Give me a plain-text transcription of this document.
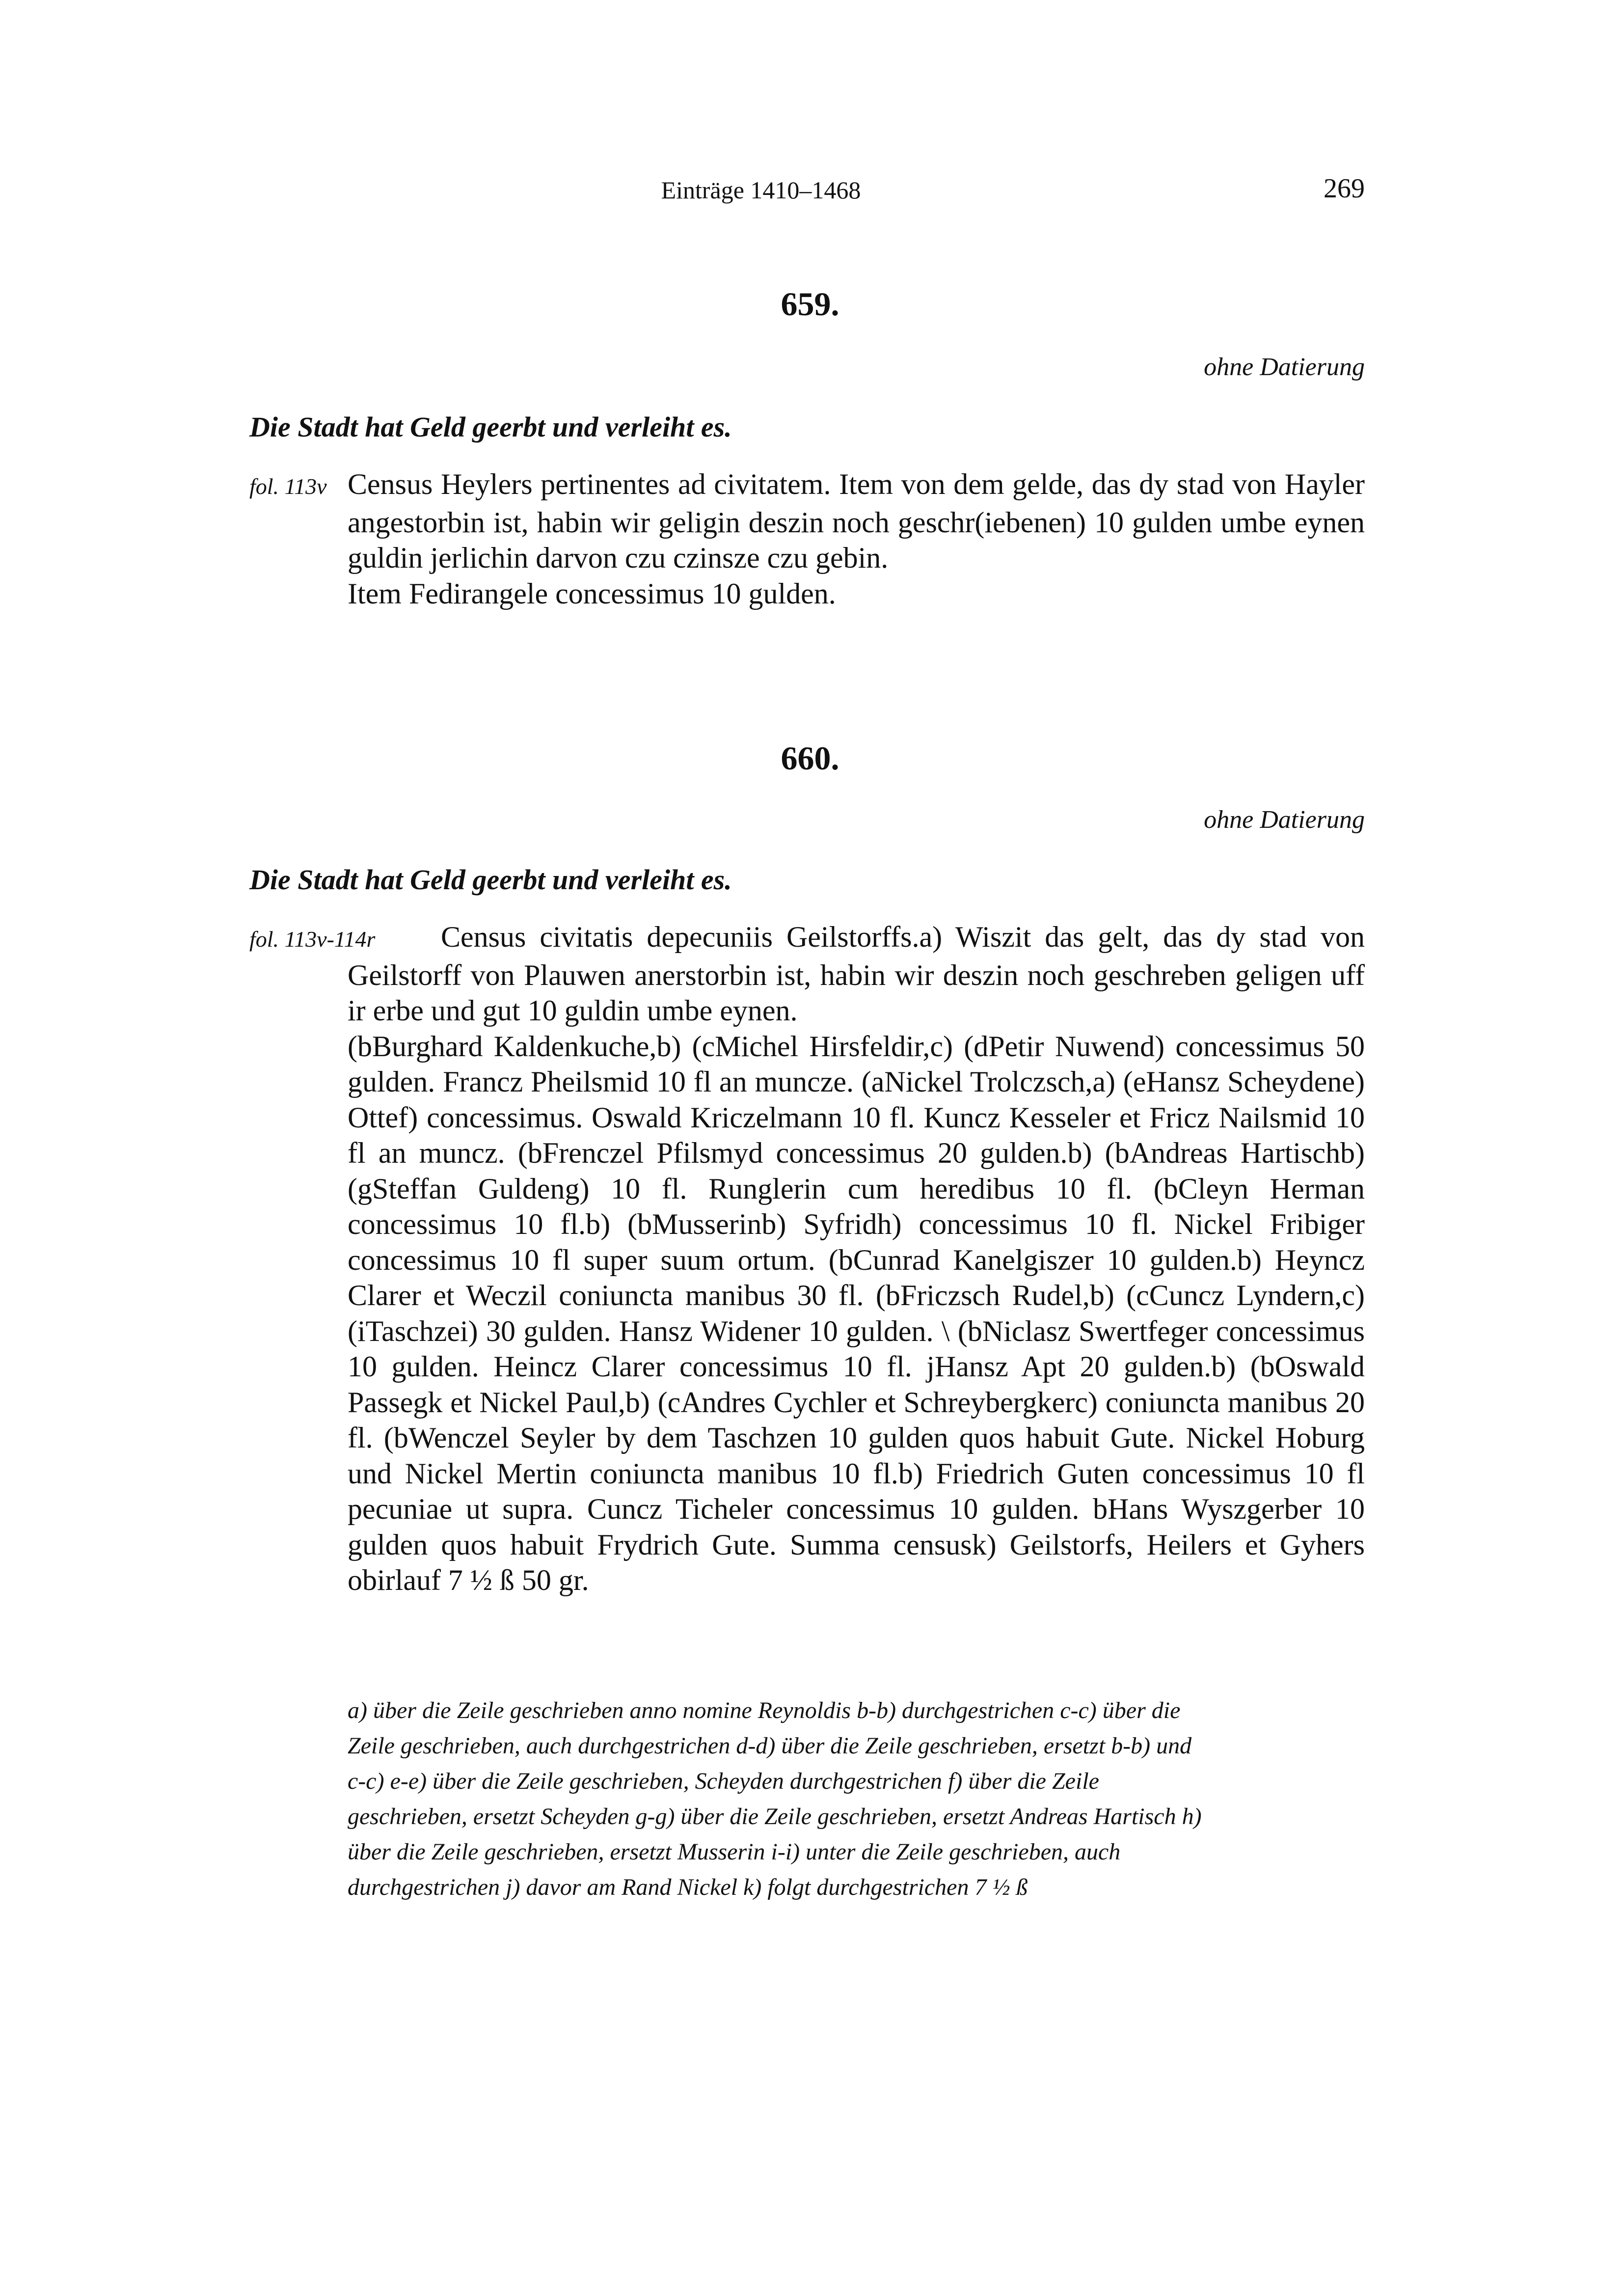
Einträge 1410–1468	269
659.
ohne Datierung
Die Stadt hat Geld geerbt und verleiht es.
fol. 113v Census Heylers pertinentes ad civitatem. Item von dem gelde, das dy stad von Hayler angestorbin ist, habin wir geligin deszin noch geschr(iebenen) 10 gulden umbe eynen guldin jerlichin darvon czu czinsze czu gebin.
Item Fedirangele concessimus 10 gulden.
660.
ohne Datierung
Die Stadt hat Geld geerbt und verleiht es.
fol. 113v-114r Census civitatis depecuniis Geilstorffs.a) Wiszit das gelt, das dy stad von Geilstorff von Plauwen anerstorbin ist, habin wir deszin noch geschreben geligen uff ir erbe und gut 10 guldin umbe eynen.
(bBurghard Kaldenkuche,b) (cMichel Hirsfeldir,c) (dPetir Nuwend) concessimus 50 gulden. Francz Pheilsmid 10 fl an muncze. (aNickel Trolczsch,a) (eHansz Scheydene) Ottef) concessimus. Oswald Kriczelmann 10 fl. Kuncz Kesseler et Fricz Nailsmid 10 fl an muncz. (bFrenczel Pfilsmyd concessimus 20 gulden.b) (bAndreas Hartischb) (gSteffan Guldeng) 10 fl. Runglerin cum heredibus 10 fl. (bCleyn Herman concessimus 10 fl.b) (bMusserinb) Syfridh) concessimus 10 fl. Nickel Fribiger concessimus 10 fl super suum ortum. (bCunrad Kanelgiszer 10 gulden.b) Heyncz Clarer et Weczil coniuncta manibus 30 fl. (bFriczsch Rudel,b) (cCuncz Lyndern,c) (iTaschzei) 30 gulden. Hansz Widener 10 gulden. \ (bNiclasz Swertfeger concessimus 10 gulden. Heincz Clarer concessimus 10 fl. jHansz Apt 20 gulden.b) (bOswald Passegk et Nickel Paul,b) (cAndres Cychler et Schreybergkerc) coniuncta manibus 20 fl. (bWenczel Seyler by dem Taschzen 10 gulden quos habuit Gute. Nickel Hoburg und Nickel Mertin coniuncta manibus 10 fl.b) Friedrich Guten concessimus 10 fl pecuniae ut supra. Cuncz Ticheler concessimus 10 gulden. bHans Wyszgerber 10 gulden quos habuit Frydrich Gute. Summa censusk) Geilstorfs, Heilers et Gyhers obirlauf 7 ½ ß 50 gr.
a) über die Zeile geschrieben anno nomine Reynoldis b-b) durchgestrichen c-c) über die
Zeile geschrieben, auch durchgestrichen d-d) über die Zeile geschrieben, ersetzt b-b) und
c-c) e-e) über die Zeile geschrieben, Scheyden durchgestrichen f) über die Zeile
geschrieben, ersetzt Scheyden g-g) über die Zeile geschrieben, ersetzt Andreas Hartisch h)
über die Zeile geschrieben, ersetzt Musserin i-i) unter die Zeile geschrieben, auch
durchgestrichen j) davor am Rand Nickel k) folgt durchgestrichen 7 ½ ß
